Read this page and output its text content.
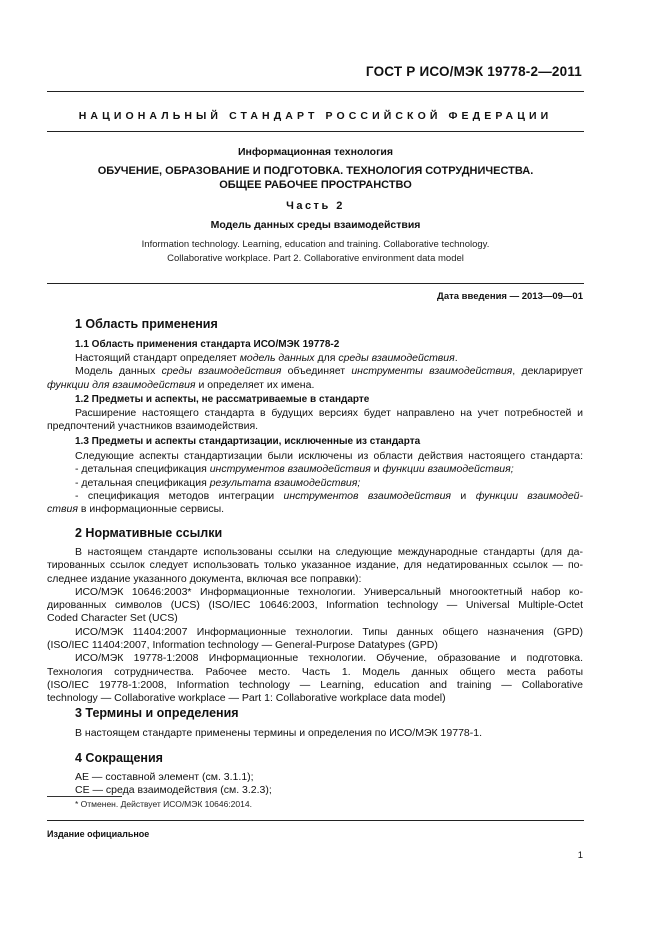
ГОСТ Р ИСО/МЭК 19778-2—2011
НАЦИОНАЛЬНЫЙ СТАНДАРТ РОССИЙСКОЙ ФЕДЕРАЦИИ
Информационная технология
ОБУЧЕНИЕ, ОБРАЗОВАНИЕ И ПОДГОТОВКА. ТЕХНОЛОГИЯ СОТРУДНИЧЕСТВА.
ОБЩЕЕ РАБОЧЕЕ ПРОСТРАНСТВО
Часть 2
Модель данных среды взаимодействия
Information technology. Learning, education and training. Collaborative technology.
Collaborative workplace. Part 2. Collaborative environment data model
Дата введения — 2013—09—01
1 Область применения
1.1 Область применения стандарта ИСО/МЭК 19778-2

Настоящий стандарт определяет модель данных для среды взаимодействия.

Модель данных среды взаимодействия объединяет инструменты взаимодействия, декларирует

функции для взаимодействия и определяет их имена.

1.2 Предметы и аспекты, не рассматриваемые в стандарте

Расширение настоящего стандарта в будущих версиях будет направлено на учет потребностей и

предпочтений участников взаимодействия.

1.3 Предметы и аспекты стандартизации, исключенные из стандарта

Следующие аспекты стандартизации были исключены из области действия настоящего стандарта:

- детальная спецификация инструментов взаимодействия и функции взаимодействия;

- детальная спецификация результата взаимодействия;

- спецификация методов интеграции инструментов взаимодействия и функции взаимодей-

ствия в информационные сервисы.

2 Нормативные ссылки

В настоящем стандарте использованы ссылки на следующие международные стандарты (для да-

тированных ссылок следует использовать только указанное издание, для недатированных ссылок — по-

следнее издание указанного документа, включая все поправки):

ИСО/МЭК 10646:2003* Информационные технологии. Универсальный многооктетный набор ко-

дированных символов (UCS) (ISO/IEC 10646:2003, Information technology — Universal Multiple-Octet

Coded Character Set (UCS)

ИСО/МЭК 11404:2007 Информационные технологии. Типы данных общего назначения (GPD)

(ISO/IEC 11404:2007, Information technology — General-Purpose Datatypes (GPD)

ИСО/МЭК 19778-1:2008 Информационные технологии. Обучение, образование и подготовка.

Технология сотрудничества. Рабочее место. Часть 1. Модель данных общего места работы

(ISO/IEC 19778-1:2008, Information technology — Learning, education and training — Collaborative

technology — Collaborative workplace — Part 1: Collaborative workplace data model)

3 Термины и определения

В настоящем стандарте применены термины и определения по ИСО/МЭК 19778-1.

4 Сокращения

АЕ — составной элемент (см. 3.1.1);

СЕ — среда взаимодействия (см. 3.2.3);

* Отменен. Действует ИСО/МЭК 10646:2014.
Издание официальное
1
